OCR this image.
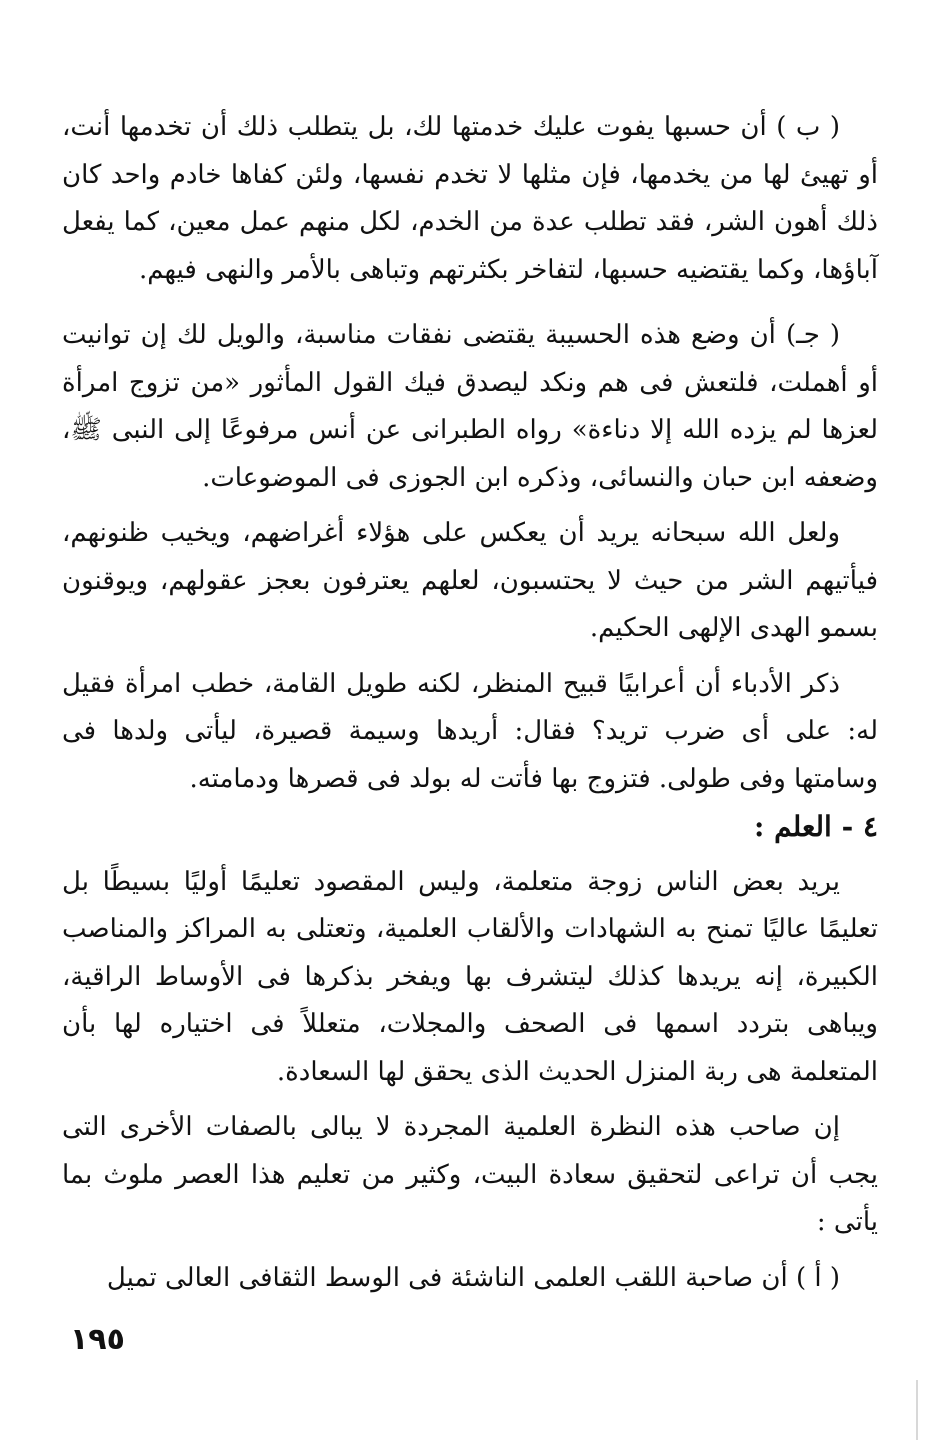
( ب ) أن حسبها يفوت عليك خدمتها لك، بل يتطلب ذلك أن تخدمها أنت، أو تهيئ لها من يخدمها، فإن مثلها لا تخدم نفسها، ولئن كفاها خادم واحد كان ذلك أهون الشر، فقد تطلب عدة من الخدم، لكل منهم عمل معين، كما يفعل آباؤها، وكما يقتضيه حسبها، لتفاخر بكثرتهم وتباهى بالأمر والنهى فيهم.

( جـ) أن وضع هذه الحسيبة يقتضى نفقات مناسبة، والويل لك إن توانيت أو أهملت، فلتعش فى هم ونكد ليصدق فيك القول المأثور «من تزوج امرأة لعزها لم يزده الله إلا دناءة» رواه الطبرانى عن أنس مرفوعًا إلى النبى ﷺ، وضعفه ابن حبان والنسائى، وذكره ابن الجوزى فى الموضوعات.

ولعل الله سبحانه يريد أن يعكس على هؤلاء أغراضهم، ويخيب ظنونهم، فيأتيهم الشر من حيث لا يحتسبون، لعلهم يعترفون بعجز عقولهم، ويوقنون بسمو الهدى الإلهى الحكيم.

ذكر الأدباء أن أعرابيًا قبيح المنظر، لكنه طويل القامة، خطب امرأة فقيل له: على أى ضرب تريد؟ فقال: أريدها وسيمة قصيرة، ليأتى ولدها فى وسامتها وفى طولى. فتزوج بها فأتت له بولد فى قصرها ودمامته.

٤ - العلم :

يريد بعض الناس زوجة متعلمة، وليس المقصود تعليمًا أوليًا بسيطًا بل تعليمًا عاليًا تمنح به الشهادات والألقاب العلمية، وتعتلى به المراكز والمناصب الكبيرة، إنه يريدها كذلك ليتشرف بها ويفخر بذكرها فى الأوساط الراقية، ويباهى بتردد اسمها فى الصحف والمجلات، متعللاً فى اختياره لها بأن المتعلمة هى ربة المنزل الحديث الذى يحقق لها السعادة.

إن صاحب هذه النظرة العلمية المجردة لا يبالى بالصفات الأخرى التى يجب أن تراعى لتحقيق سعادة البيت، وكثير من تعليم هذا العصر ملوث بما يأتى :

( أ ) أن صاحبة اللقب العلمى الناشئة فى الوسط الثقافى العالى تميل

١٩٥
